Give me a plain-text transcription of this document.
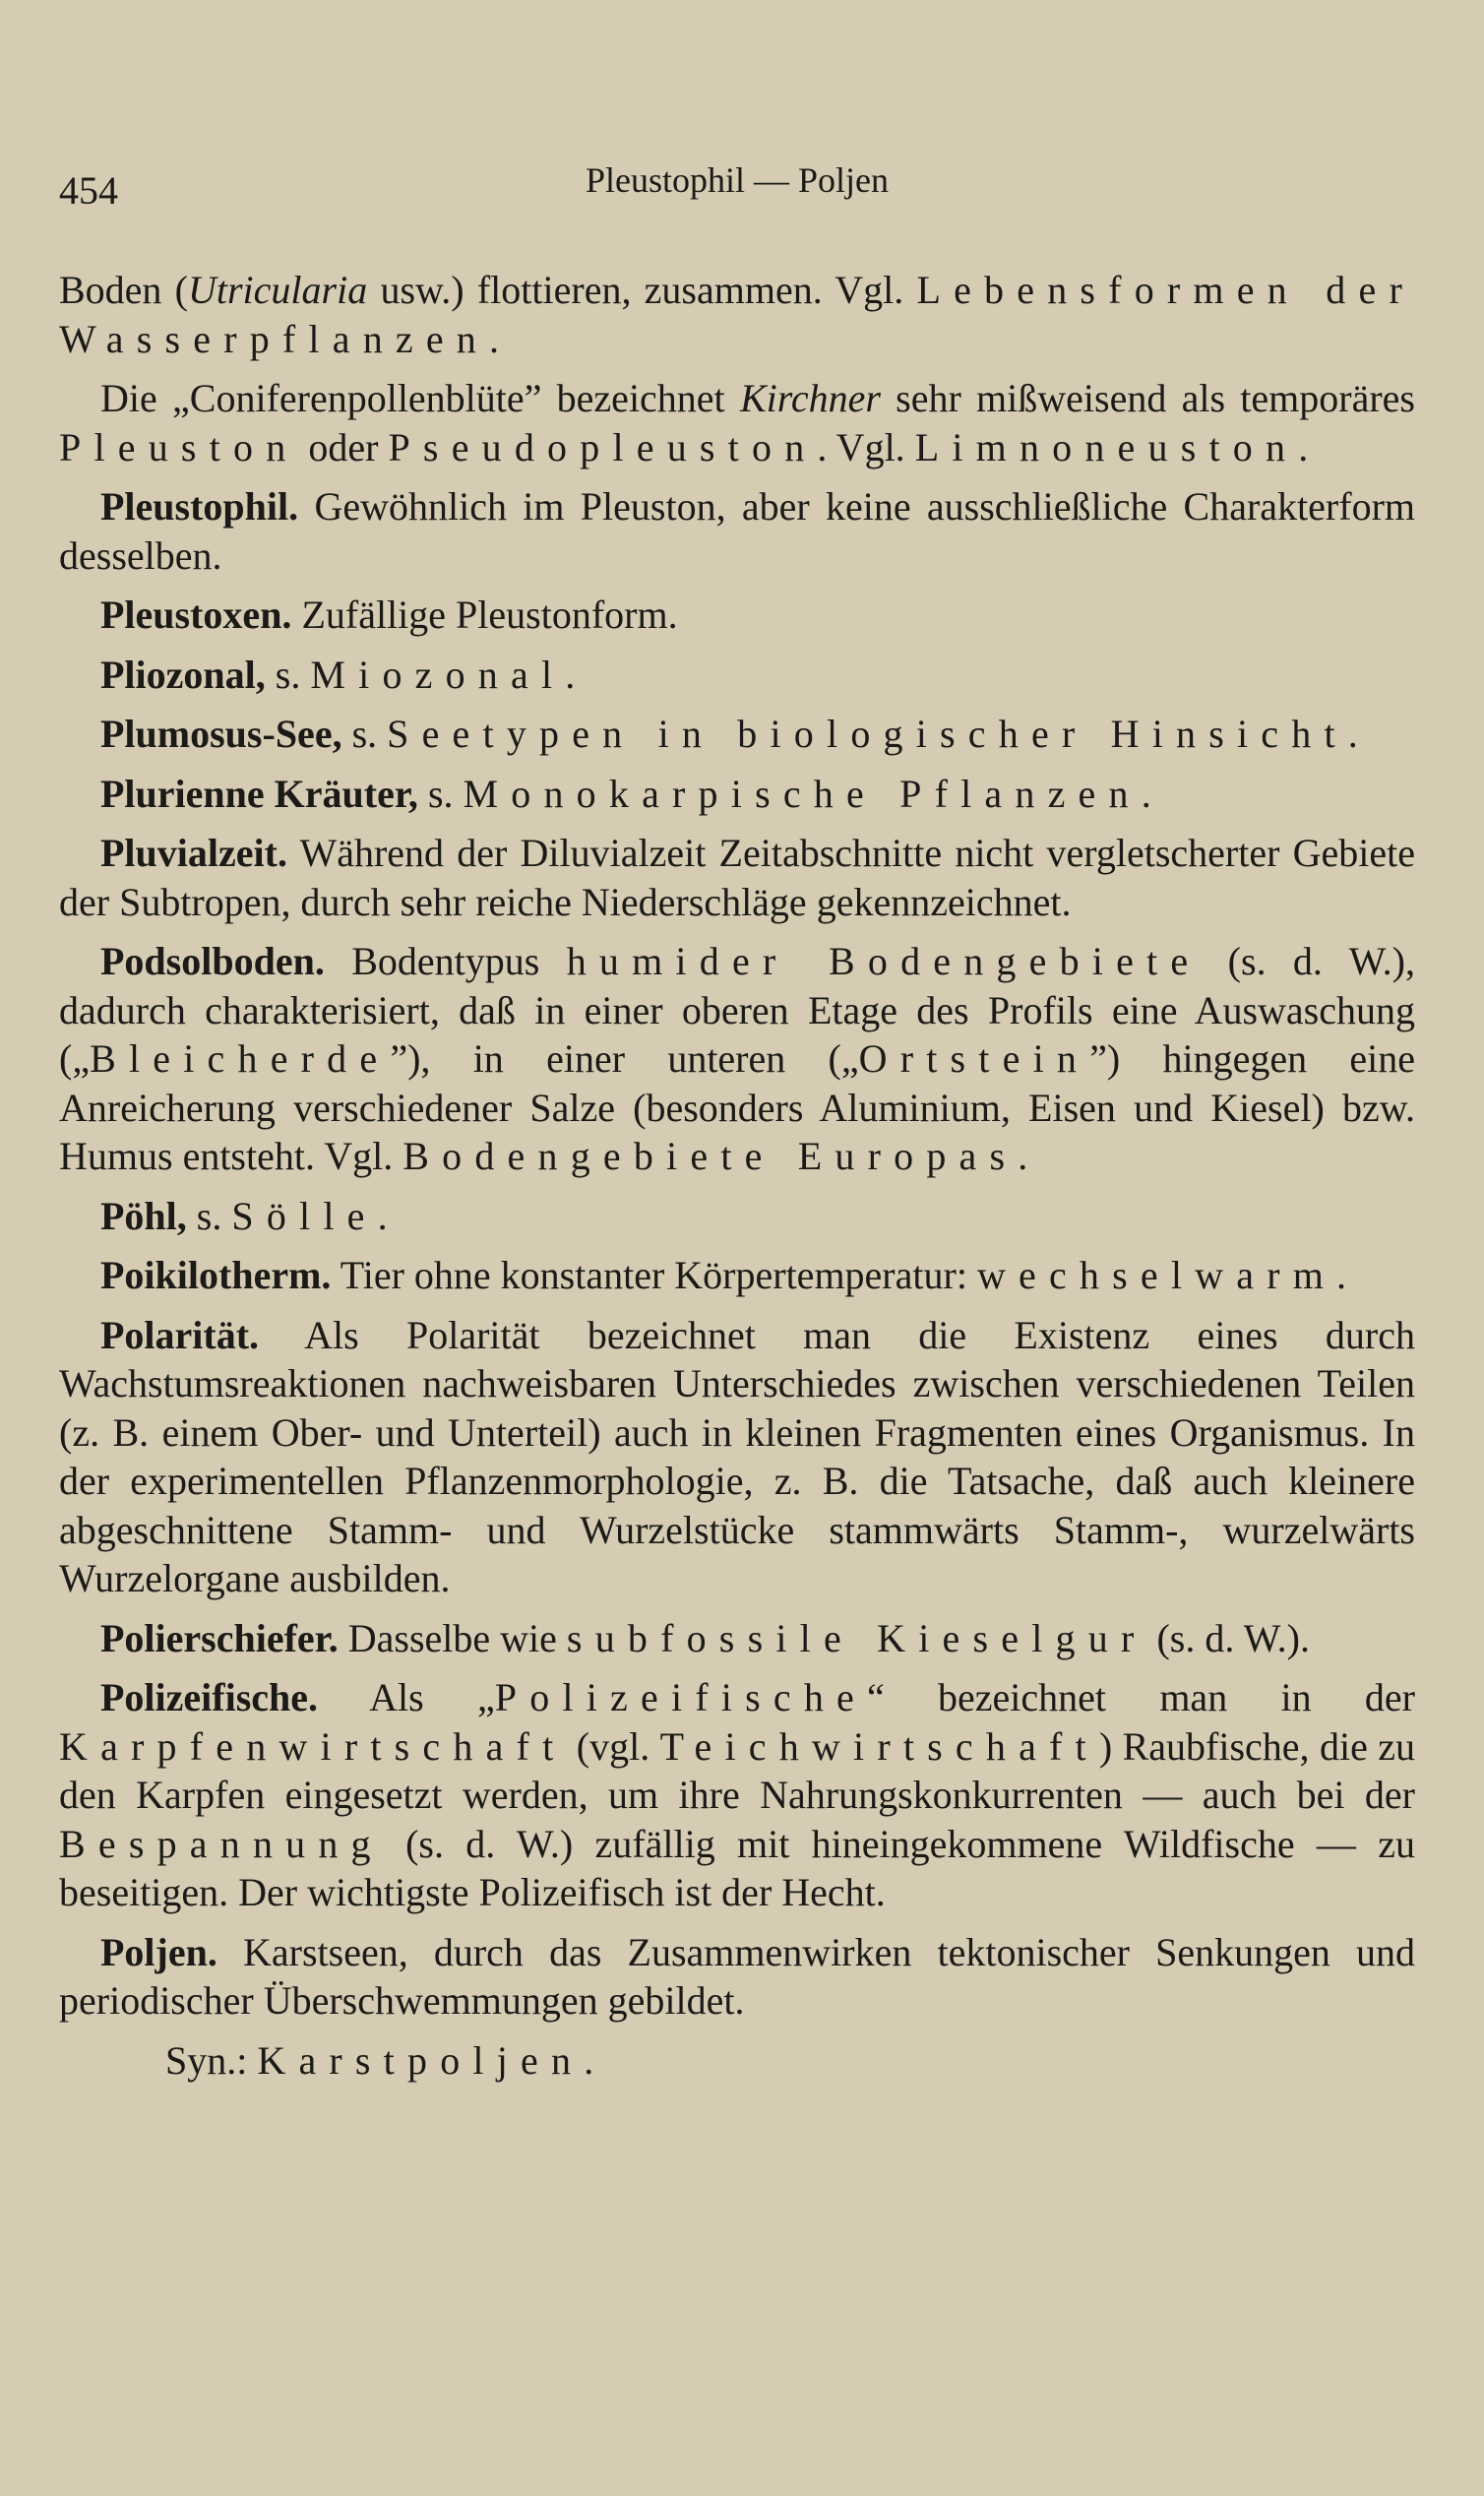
454	Pleustophil — Poljen

Boden (Utricularia usw.) flottieren, zusammen. Vgl. Lebensformen der Wasserpflanzen.

Die „Coniferenpollenblüte” bezeichnet Kirchner sehr mißweisend als temporäres Pleuston oder Pseudopleuston. Vgl. Limnoneuston.

Pleustophil. Gewöhnlich im Pleuston, aber keine ausschließliche Charakterform desselben.

Pleustoxen. Zufällige Pleustonform.

Pliozonal, s. Miozonal.

Plumosus-See, s. Seetypen in biologischer Hinsicht.

Plurienne Kräuter, s. Monokarpische Pflanzen.

Pluvialzeit. Während der Diluvialzeit Zeitabschnitte nicht vergletscherter Gebiete der Subtropen, durch sehr reiche Niederschläge gekennzeichnet.

Podsolboden. Bodentypus humider Bodengebiete (s. d. W.), dadurch charakterisiert, daß in einer oberen Etage des Profils eine Auswaschung („Bleicherde”), in einer unteren („Ortstein”) hingegen eine Anreicherung verschiedener Salze (besonders Aluminium, Eisen und Kiesel) bzw. Humus entsteht. Vgl. Bodengebiete Europas.

Pöhl, s. Sölle.

Poikilotherm. Tier ohne konstanter Körpertemperatur: wechselwarm.

Polarität. Als Polarität bezeichnet man die Existenz eines durch Wachstumsreaktionen nachweisbaren Unterschiedes zwischen verschiedenen Teilen (z. B. einem Ober- und Unterteil) auch in kleinen Fragmenten eines Organismus. In der experimentellen Pflanzenmorphologie, z. B. die Tatsache, daß auch kleinere abgeschnittene Stamm- und Wurzelstücke stammwärts Stamm-, wurzelwärts Wurzelorgane ausbilden.

Polierschiefer. Dasselbe wie subfossile Kieselgur (s. d. W.).

Polizeifische. Als „Polizeifische“ bezeichnet man in der Karpfenwirtschaft (vgl. Teichwirtschaft) Raubfische, die zu den Karpfen eingesetzt werden, um ihre Nahrungskonkurrenten — auch bei der Bespannung (s. d. W.) zufällig mit hineingekommene Wildfische — zu beseitigen. Der wichtigste Polizeifisch ist der Hecht.

Poljen. Karstseen, durch das Zusammenwirken tektonischer Senkungen und periodischer Überschwemmungen gebildet.

Syn.: Karstpoljen.
